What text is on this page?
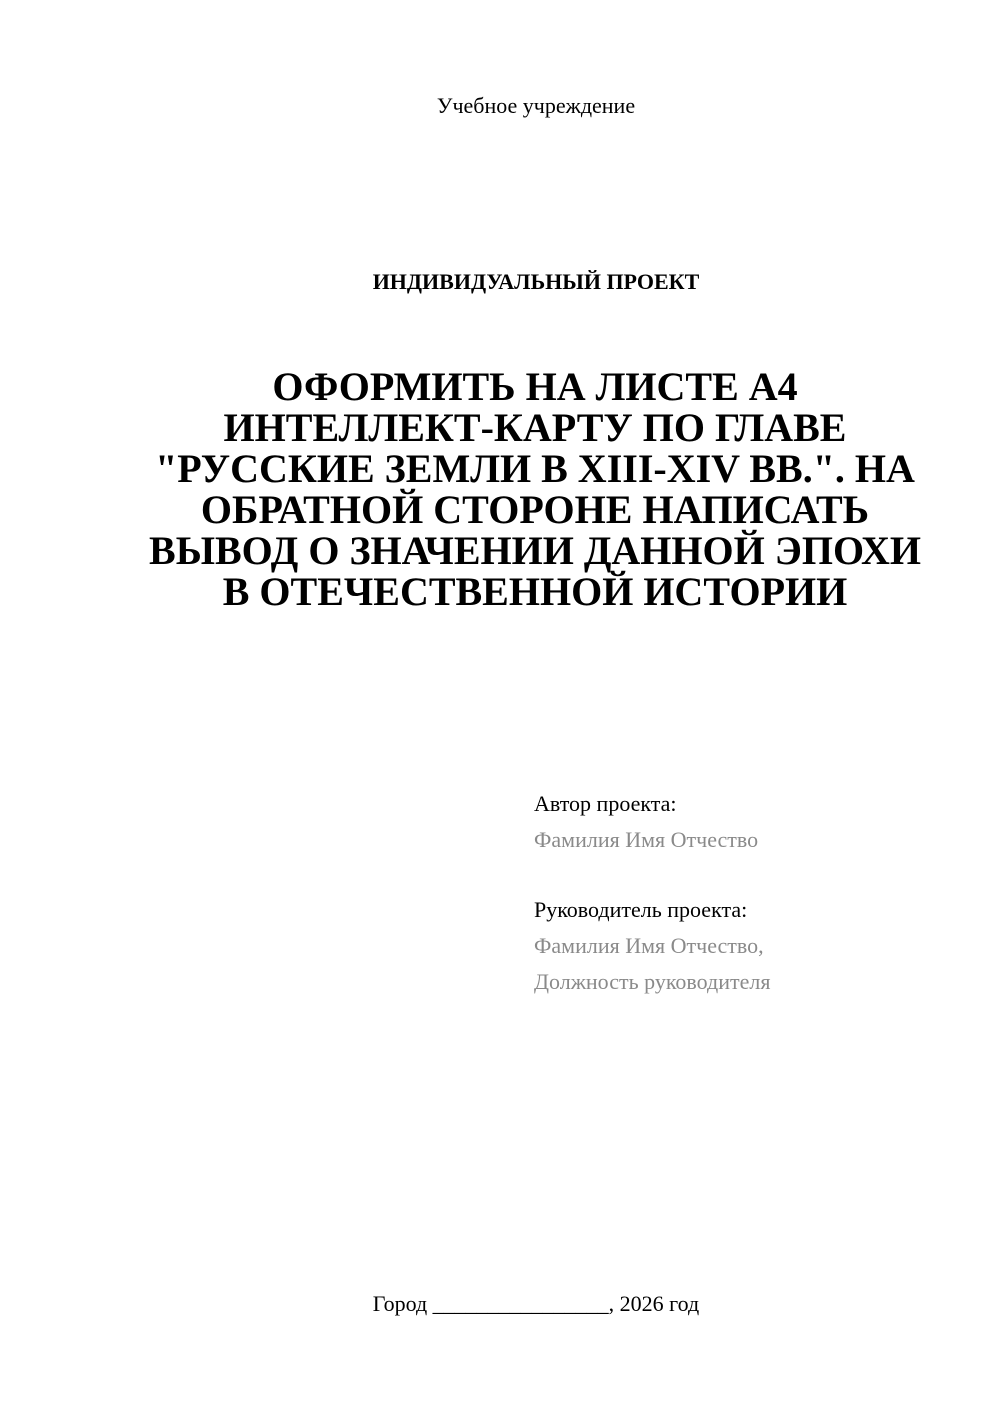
Учебное учреждение
ИНДИВИДУАЛЬНЫЙ ПРОЕКТ
ОФОРМИТЬ НА ЛИСТЕ А4
ИНТЕЛЛЕКТ-КАРТУ ПО ГЛАВЕ
"РУССКИЕ ЗЕМЛИ В XIII-XIV ВВ.". НА
ОБРАТНОЙ СТОРОНЕ НАПИСАТЬ
ВЫВОД О ЗНАЧЕНИИ ДАННОЙ ЭПОХИ
В ОТЕЧЕСТВЕННОЙ ИСТОРИИ
Автор проекта:
Фамилия Имя Отчество
Руководитель проекта:
Фамилия Имя Отчество,
Должность руководителя
Город ________________, 2026 год
